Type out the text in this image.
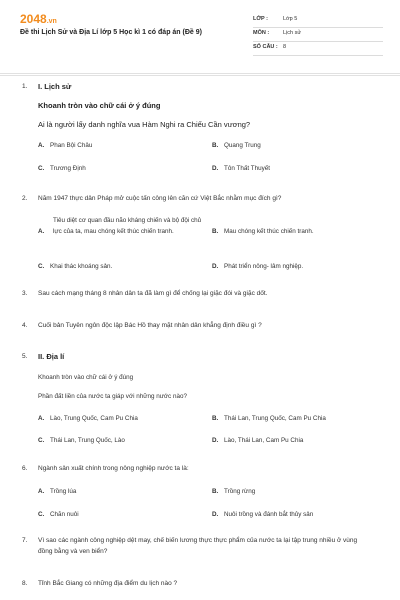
2048.vn
Đề thi Lịch Sử và Địa Lí lớp 5 Học kì 1 có đáp án (Đề 9)
LỚP :	Lớp 5
MÔN :	Lịch sử
SỐ CÂU : 8
1. I. Lịch sử
Khoanh tròn vào chữ cái ở ý đúng
Ai là người lấy danh nghĩa vua Hàm Nghi ra Chiếu Cần vương?
A. Phan Bội Châu	B. Quang Trung
C. Trương Định	D. Tôn Thất Thuyết
2. Năm 1947 thực dân Pháp mở cuộc tấn công lên căn cứ Việt Bắc nhằm mục đích gì?
A.
Tiêu diệt cơ quan đầu não kháng chiến và bộ đội chủ lực của ta, mau chóng kết thúc chiến tranh.	B. Mau chóng kết thúc chiến tranh.
C. Khai thác khoáng sản.	D. Phát triển nông- lâm nghiệp.
3. Sau cách mạng tháng 8 nhân dân ta đã làm gì để chống lại giặc đói và giặc dốt.
4. Cuối bản Tuyên ngôn độc lập Bác Hồ thay mặt nhân dân khẳng định điều gì ?
5. II. Địa lí
Khoanh tròn vào chữ cái ở ý đúng
Phần đất liền của nước ta giáp với những nước nào?
A. Lào, Trung Quốc, Cam Pu Chia	B. Thái Lan, Trung Quốc, Cam Pu Chia
C. Thái Lan, Trung Quốc, Lào	D. Lào, Thái Lan, Cam Pu Chia
6. Ngành sản xuất chính trong nông nghiệp nước ta là:
A. Trồng lúa	B. Trồng rừng
C. Chăn nuôi	D. Nuôi trồng và đánh bắt thủy sản
7. Vì sao các ngành công nghiệp dệt may, chế biến lương thực thực phẩm của nước ta lại tập trung nhiều ở vùng đồng bằng và ven biển?
8. Tỉnh Bắc Giang có những địa điểm du lịch nào ?
